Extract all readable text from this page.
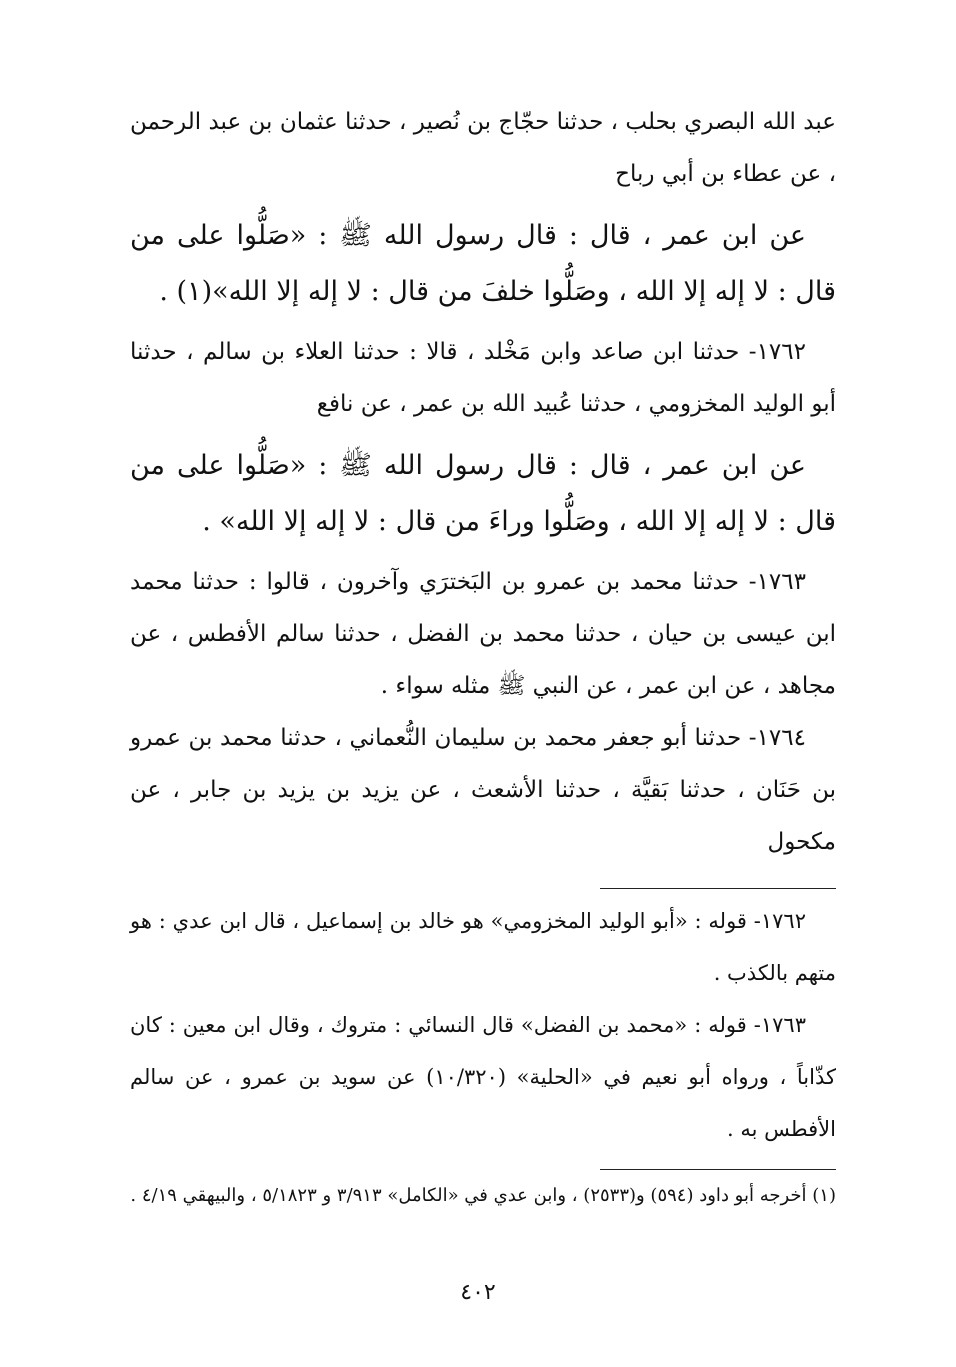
عبد الله البصري بحلب ، حدثنا حجّاج بن نُصير ، حدثنا عثمان بن عبد الرحمن ، عن عطاء بن أبي رباح

عن ابن عمر ، قال : قال رسول الله ﷺ : «صَلُّوا على من قال : لا إله إلا الله ، وصَلُّوا خلفَ من قال : لا إله إلا الله»(١) .

١٧٦٢- حدثنا ابن صاعد وابن مَخْلد ، قالا : حدثنا العلاء بن سالم ، حدثنا أبو الوليد المخزومي ، حدثنا عُبيد الله بن عمر ، عن نافع

عن ابن عمر ، قال : قال رسول الله ﷺ : «صَلُّوا على من قال : لا إله إلا الله ، وصَلُّوا وراءَ من قال : لا إله إلا الله» .

١٧٦٣- حدثنا محمد بن عمرو بن البَخترَي وآخرون ، قالوا : حدثنا محمد ابن عيسى بن حيان ، حدثنا محمد بن الفضل ، حدثنا سالم الأفطس ، عن مجاهد ، عن ابن عمر ، عن النبي ﷺ مثله سواء .

١٧٦٤- حدثنا أبو جعفر محمد بن سليمان النُّعماني ، حدثنا محمد بن عمرو بن حَنَان ، حدثنا بَقيَّة ، حدثنا الأشعث ، عن يزيد بن يزيد بن جابر ، عن مكحول

١٧٦٢- قوله : «أبو الوليد المخزومي» هو خالد بن إسماعيل ، قال ابن عدي : هو متهم بالكذب .

١٧٦٣- قوله : «محمد بن الفضل» قال النسائي : متروك ، وقال ابن معين : كان كذّاباً ، ورواه أبو نعيم في «الحلية» (١٠/٣٢٠) عن سويد بن عمرو ، عن سالم الأفطس به .

(١) أخرجه أبو داود (٥٩٤) و(٢٥٣٣) ، وابن عدي في «الكامل» ٣/٩١٣ و ٥/١٨٢٣ ، والبيهقي ٤/١٩ .

٤٠٢
